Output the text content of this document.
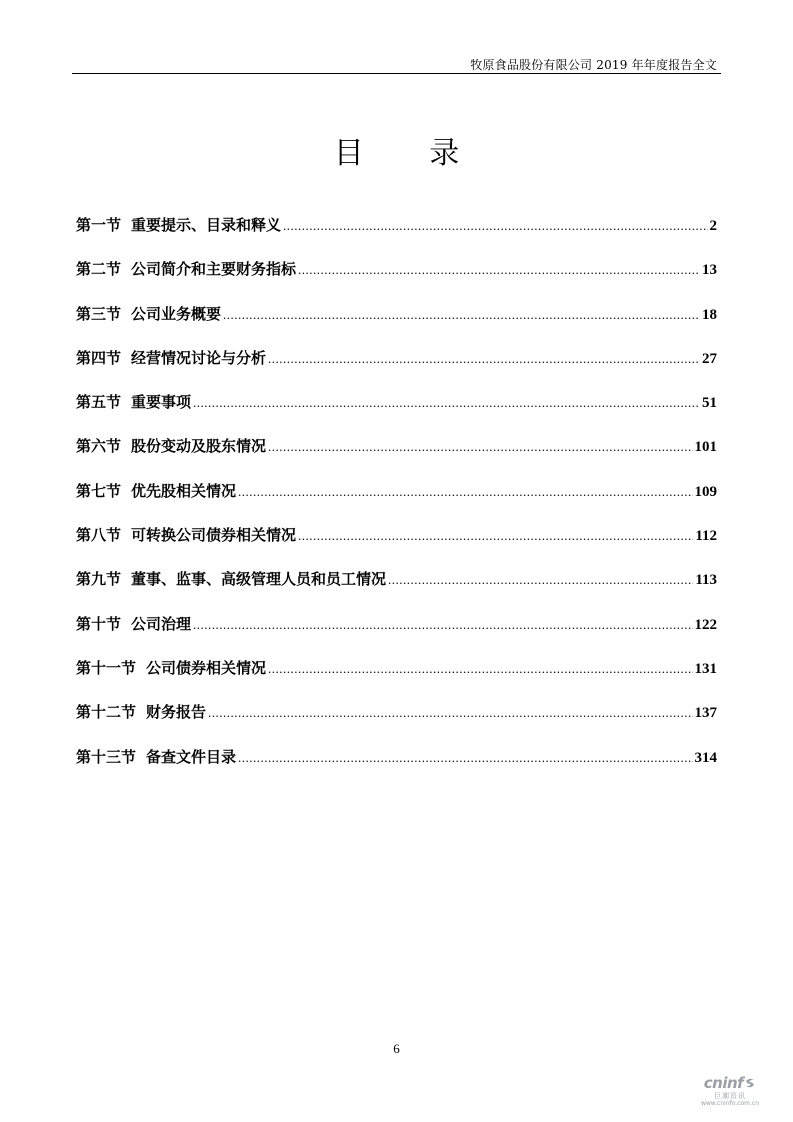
牧原食品股份有限公司 2019 年年度报告全文
目 录
第一节 重要提示、目录和释义 .....	2
第二节 公司简介和主要财务指标 .....	13
第三节 公司业务概要 .....	18
第四节 经营情况讨论与分析 .....	27
第五节 重要事项 .....	51
第六节 股份变动及股东情况 .....	101
第七节 优先股相关情况 .....	109
第八节 可转换公司债券相关情况 .....	112
第九节 董事、监事、高级管理人员和员工情况 .....	113
第十节 公司治理 .....	122
第十一节 公司债券相关情况 .....	131
第十二节 财务报告 .....	137
第十三节 备查文件目录 .....	314
6
cninf
巨潮资讯
www.cninfo.com.cn
